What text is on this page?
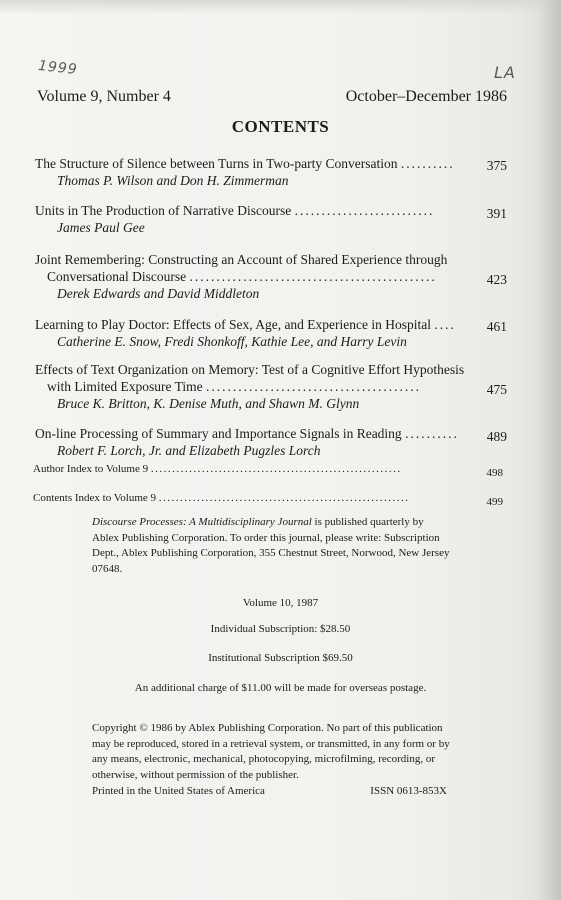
1999	LA
Volume 9, Number 4	October–December 1986
CONTENTS
The Structure of Silence between Turns in Two-party Conversation .......... 375
Thomas P. Wilson and Don H. Zimmerman
Units in The Production of Narrative Discourse ..........................	391
James Paul Gee
Joint Remembering: Constructing an Account of Shared Experience through
Conversational Discourse ..............................................	423
Derek Edwards and David Middleton
Learning to Play Doctor: Effects of Sex, Age, and Experience in Hospital .... 461
Catherine E. Snow, Fredi Shonkoff, Kathie Lee, and Harry Levin
Effects of Text Organization on Memory: Test of a Cognitive Effort Hypothesis
with Limited Exposure Time ........................................	475
Bruce K. Britton, K. Denise Muth, and Shawn M. Glynn
On-line Processing of Summary and Importance Signals in Reading .......... 489
Robert F. Lorch, Jr. and Elizabeth Pugzles Lorch
Author Index to Volume 9 ...........................................................	498
Contents Index to Volume 9 ...........................................................	499
Discourse Processes: A Multidisciplinary Journal is published quarterly by Ablex Publishing Corporation. To order this journal, please write: Subscription Dept., Ablex Publishing Corporation, 355 Chestnut Street, Norwood, New Jersey 07648.
Volume 10, 1987
Individual Subscription: $28.50
Institutional Subscription $69.50
An additional charge of $11.00 will be made for overseas postage.
Copyright © 1986 by Ablex Publishing Corporation. No part of this publication may be reproduced, stored in a retrieval system, or transmitted, in any form or by any means, electronic, mechanical, photocopying, microfilming, recording, or otherwise, without permission of the publisher.
Printed in the United States of America	ISSN 0613-853X
